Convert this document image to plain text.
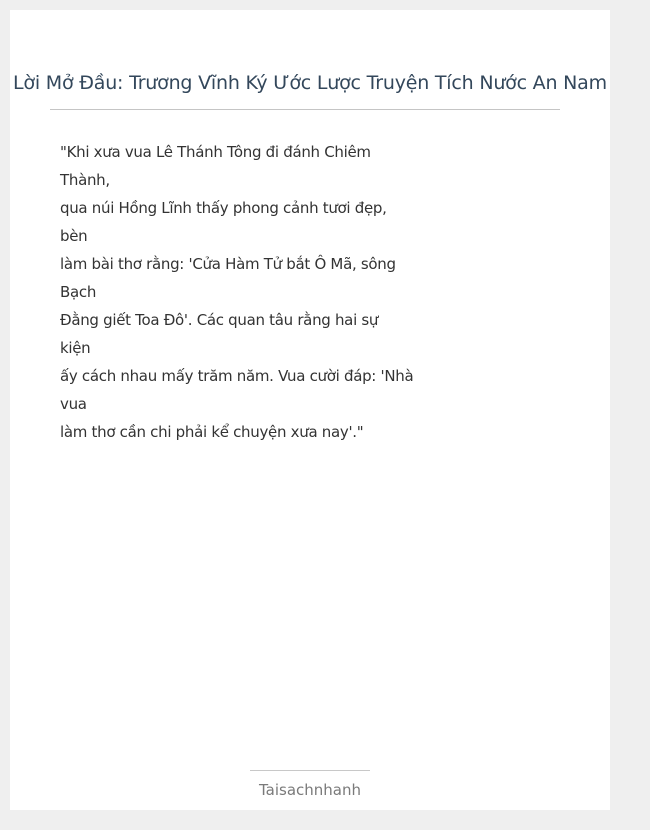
Lời Mở Đầu: Trương Vĩnh Ký Ước Lược Truyện Tích Nước An Nam
"Khi xưa vua Lê Thánh Tông đi đánh Chiêm
Thành,
qua núi Hồng Lĩnh thấy phong cảnh tươi đẹp,
bèn
làm bài thơ rằng: 'Cửa Hàm Tử bắt Ô Mã, sông
Bạch
Đằng giết Toa Đô'. Các quan tâu rằng hai sự
kiện
ấy cách nhau mấy trăm năm. Vua cười đáp: 'Nhà
vua
làm thơ cần chi phải kể chuyện xưa nay'."
Taisachnhanh
